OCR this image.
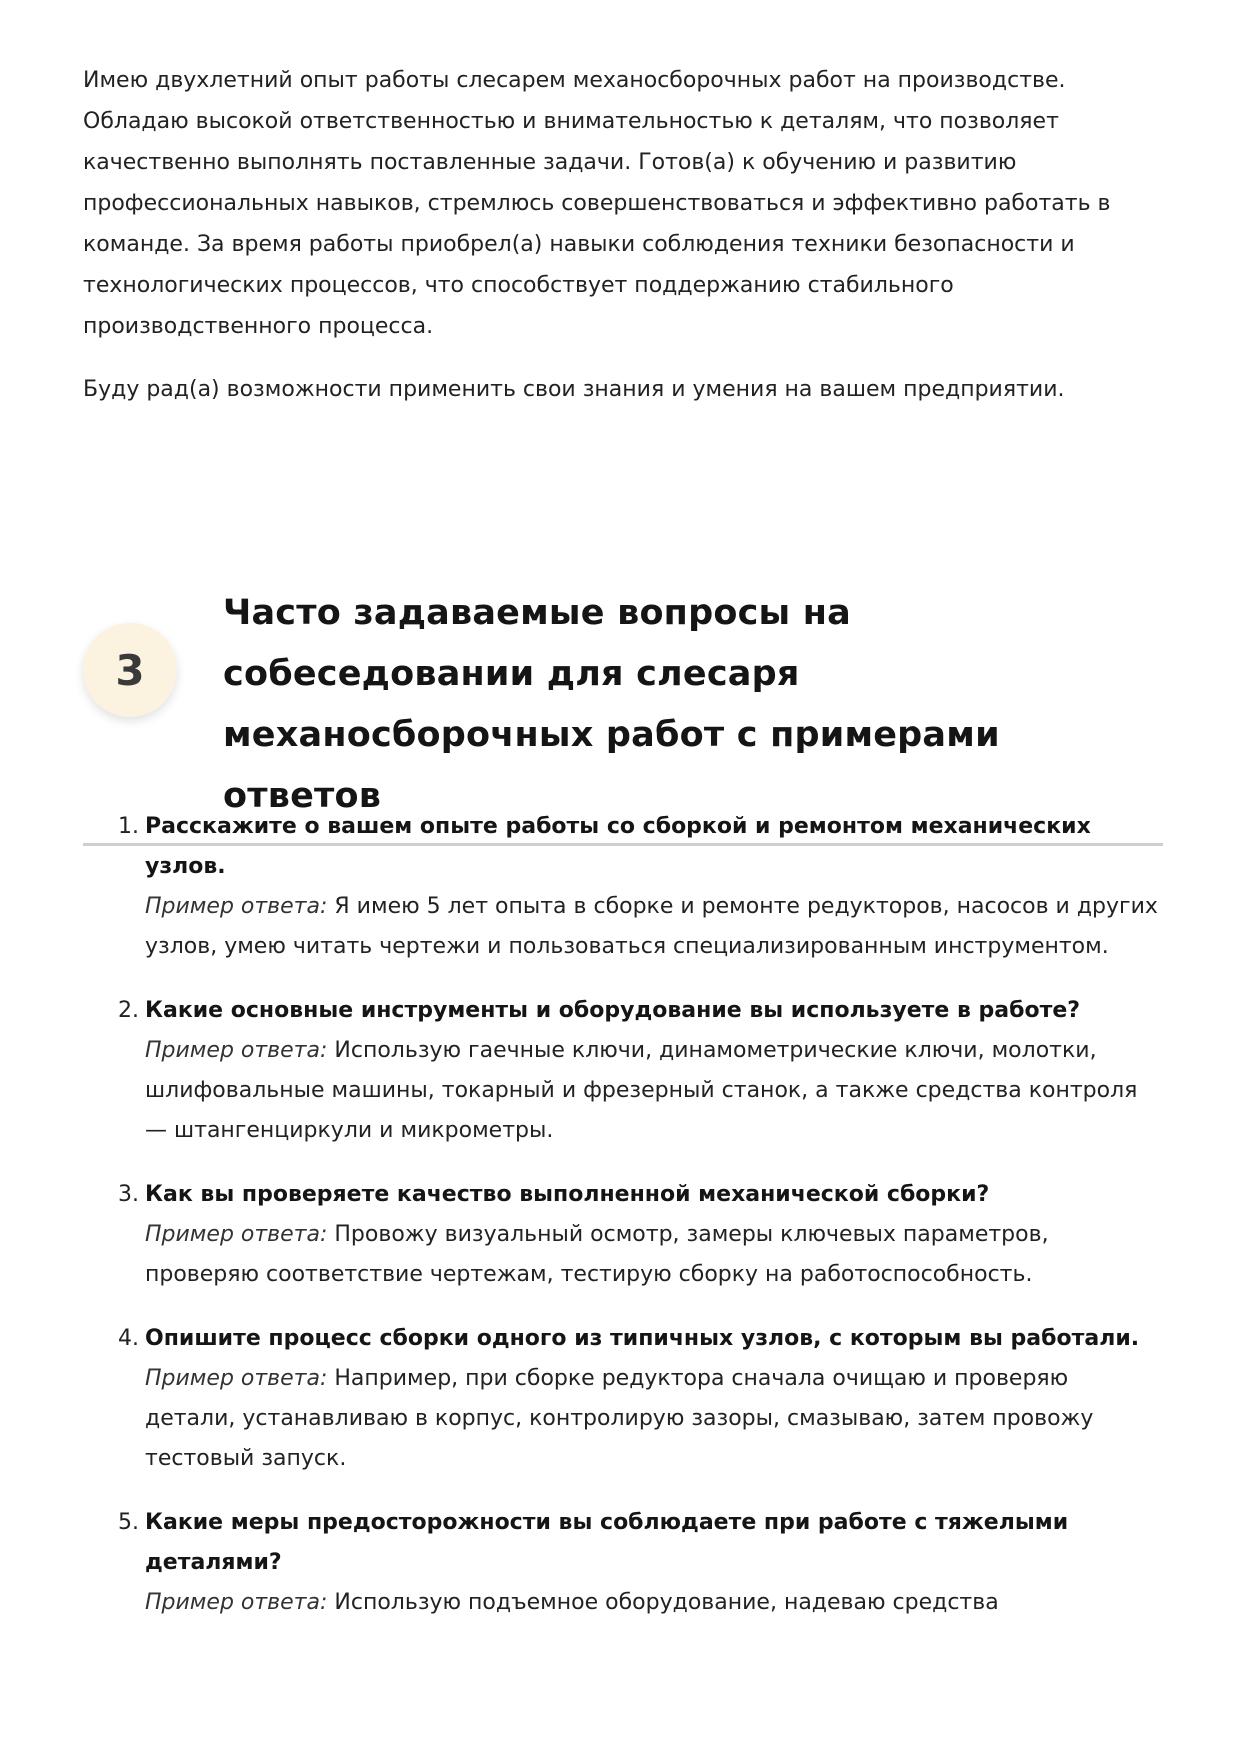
Имею двухлетний опыт работы слесарем механосборочных работ на производстве. Обладаю высокой ответственностью и внимательностью к деталям, что позволяет качественно выполнять поставленные задачи. Готов(а) к обучению и развитию профессиональных навыков, стремлюсь совершенствоваться и эффективно работать в команде. За время работы приобрел(а) навыки соблюдения техники безопасности и технологических процессов, что способствует поддержанию стабильного производственного процесса.

Буду рад(а) возможности применить свои знания и умения на вашем предприятии.

3
Часто задаваемые вопросы на собеседовании для слесаря механосборочных работ с примерами ответов
1. Расскажите о вашем опыте работы со сборкой и ремонтом механических узлов.
Пример ответа: Я имею 5 лет опыта в сборке и ремонте редукторов, насосов и других узлов, умею читать чертежи и пользоваться специализированным инструментом.
2. Какие основные инструменты и оборудование вы используете в работе?
Пример ответа: Использую гаечные ключи, динамометрические ключи, молотки, шлифовальные машины, токарный и фрезерный станок, а также средства контроля — штангенциркули и микрометры.
3. Как вы проверяете качество выполненной механической сборки?
Пример ответа: Провожу визуальный осмотр, замеры ключевых параметров, проверяю соответствие чертежам, тестирую сборку на работоспособность.
4. Опишите процесс сборки одного из типичных узлов, с которым вы работали.
Пример ответа: Например, при сборке редуктора сначала очищаю и проверяю детали, устанавливаю в корпус, контролирую зазоры, смазываю, затем провожу тестовый запуск.
5. Какие меры предосторожности вы соблюдаете при работе с тяжелыми деталями?
Пример ответа: Использую подъемное оборудование, надеваю средства
